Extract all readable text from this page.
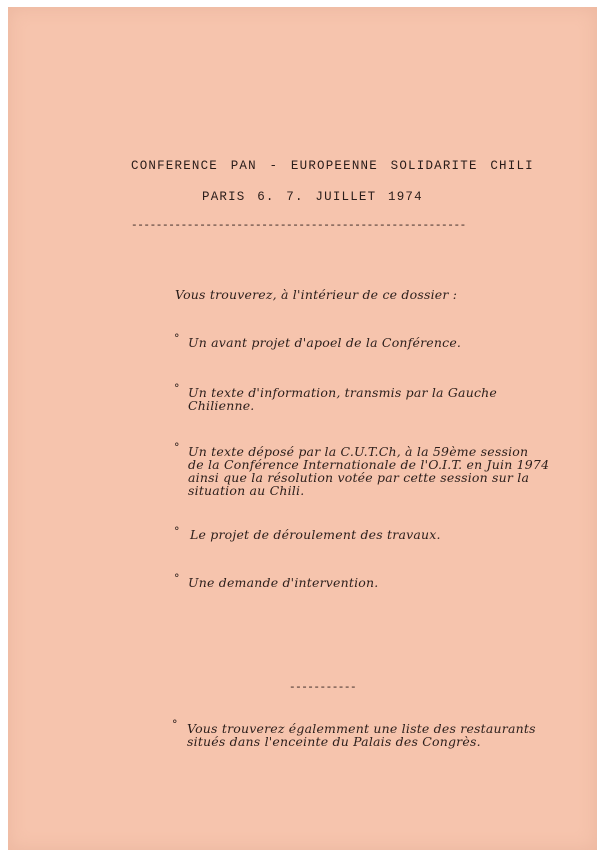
CONFERENCE PAN - EUROPEENNE SOLIDARITE CHILI
PARIS 6. 7. JUILLET 1974
------------------------------------------------------
Vous trouverez, à l'intérieur de ce dossier :
° Un avant projet d'apoel de la Conférence.
° Un texte d'information, transmis par la Gauche
Chilienne.
° Un texte déposé par la C.U.T.Ch, à la 59ème session
de la Conférence Internationale de l'O.I.T. en Juin 1974
ainsi que la résolution votée par cette session sur la
situation au Chili.
° Le projet de déroulement des travaux.
° Une demande d'intervention.
-----------
° Vous trouverez égalemment une liste des restaurants
situés dans l'enceinte du Palais des Congrès.
